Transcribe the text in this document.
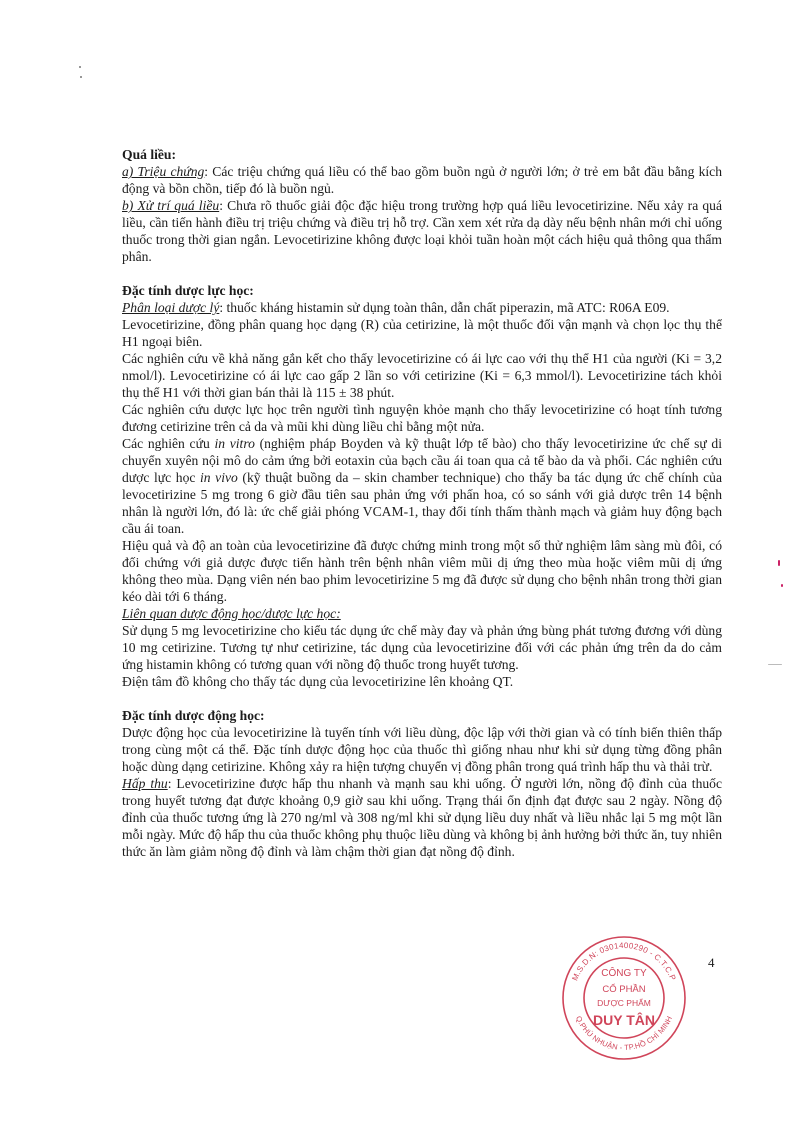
Quá liều:

a) Triệu chứng: Các triệu chứng quá liều có thể bao gồm buồn ngủ ở người lớn; ở trẻ em bắt đầu bằng kích động và bồn chồn, tiếp đó là buồn ngủ.

b) Xử trí quá liều: Chưa rõ thuốc giải độc đặc hiệu trong trường hợp quá liều levocetirizine. Nếu xảy ra quá liều, cần tiến hành điều trị triệu chứng và điều trị hỗ trợ. Cần xem xét rửa dạ dày nếu bệnh nhân mới chỉ uống thuốc trong thời gian ngắn. Levocetirizine không được loại khỏi tuần hoàn một cách hiệu quả thông qua thẩm phân.

Đặc tính dược lực học:

Phân loại dược lý: thuốc kháng histamin sử dụng toàn thân, dẫn chất piperazin, mã ATC: R06A E09.

Levocetirizine, đồng phân quang học dạng (R) của cetirizine, là một thuốc đối vận mạnh và chọn lọc thụ thể H1 ngoại biên.

Các nghiên cứu về khả năng gắn kết cho thấy levocetirizine có ái lực cao với thụ thể H1 của người (Ki = 3,2 nmol/l). Levocetirizine có ái lực cao gấp 2 lần so với cetirizine (Ki = 6,3 mmol/l). Levocetirizine tách khỏi thụ thể H1 với thời gian bán thải là 115 ± 38 phút.

Các nghiên cứu dược lực học trên người tình nguyện khỏe mạnh cho thấy levocetirizine có hoạt tính tương đương cetirizine trên cả da và mũi khi dùng liều chỉ bằng một nửa.

Các nghiên cứu in vitro (nghiệm pháp Boyden và kỹ thuật lớp tế bào) cho thấy levocetirizine ức chế sự di chuyển xuyên nội mô do cảm ứng bởi eotaxin của bạch cầu ái toan qua cả tế bào da và phổi. Các nghiên cứu dược lực học in vivo (kỹ thuật buồng da – skin chamber technique) cho thấy ba tác dụng ức chế chính của levocetirizine 5 mg trong 6 giờ đầu tiên sau phản ứng với phấn hoa, có so sánh với giả dược trên 14 bệnh nhân là người lớn, đó là: ức chế giải phóng VCAM-1, thay đổi tính thấm thành mạch và giảm huy động bạch cầu ái toan.

Hiệu quả và độ an toàn của levocetirizine đã được chứng minh trong một số thử nghiệm lâm sàng mù đôi, có đối chứng với giả dược được tiến hành trên bệnh nhân viêm mũi dị ứng theo mùa hoặc viêm mũi dị ứng không theo mùa. Dạng viên nén bao phim levocetirizine 5 mg đã được sử dụng cho bệnh nhân trong thời gian kéo dài tới 6 tháng.

Liên quan dược động học/dược lực học:

Sử dụng 5 mg levocetirizine cho kiểu tác dụng ức chế mày đay và phản ứng bùng phát tương đương với dùng 10 mg cetirizine. Tương tự như cetirizine, tác dụng của levocetirizine đối với các phản ứng trên da do cảm ứng histamin không có tương quan với nồng độ thuốc trong huyết tương.

Điện tâm đồ không cho thấy tác dụng của levocetirizine lên khoảng QT.

Đặc tính dược động học:

Dược động học của levocetirizine là tuyến tính với liều dùng, độc lập với thời gian và có tính biến thiên thấp trong cùng một cá thể. Đặc tính dược động học của thuốc thì giống nhau như khi sử dụng từng đồng phân hoặc dùng dạng cetirizine. Không xảy ra hiện tượng chuyển vị đồng phân trong quá trình hấp thu và thải trừ.

Hấp thu: Levocetirizine được hấp thu nhanh và mạnh sau khi uống. Ở người lớn, nồng độ đỉnh của thuốc trong huyết tương đạt được khoảng 0,9 giờ sau khi uống. Trạng thái ổn định đạt được sau 2 ngày. Nồng độ đỉnh của thuốc tương ứng là 270 ng/ml và 308 ng/ml khi sử dụng liều duy nhất và liều nhắc lại 5 mg một lần mỗi ngày. Mức độ hấp thu của thuốc không phụ thuộc liều dùng và không bị ảnh hưởng bởi thức ăn, tuy nhiên thức ăn làm giảm nồng độ đỉnh và làm chậm thời gian đạt nồng độ đỉnh.

4
M.S.D.N: 0301400290 - C.T.C.P
Q.PHÚ NHUẬN - TP.HỒ CHÍ MINH
CÔNG TY
CỔ PHẦN
DƯỢC PHẨM
DUY TÂN
